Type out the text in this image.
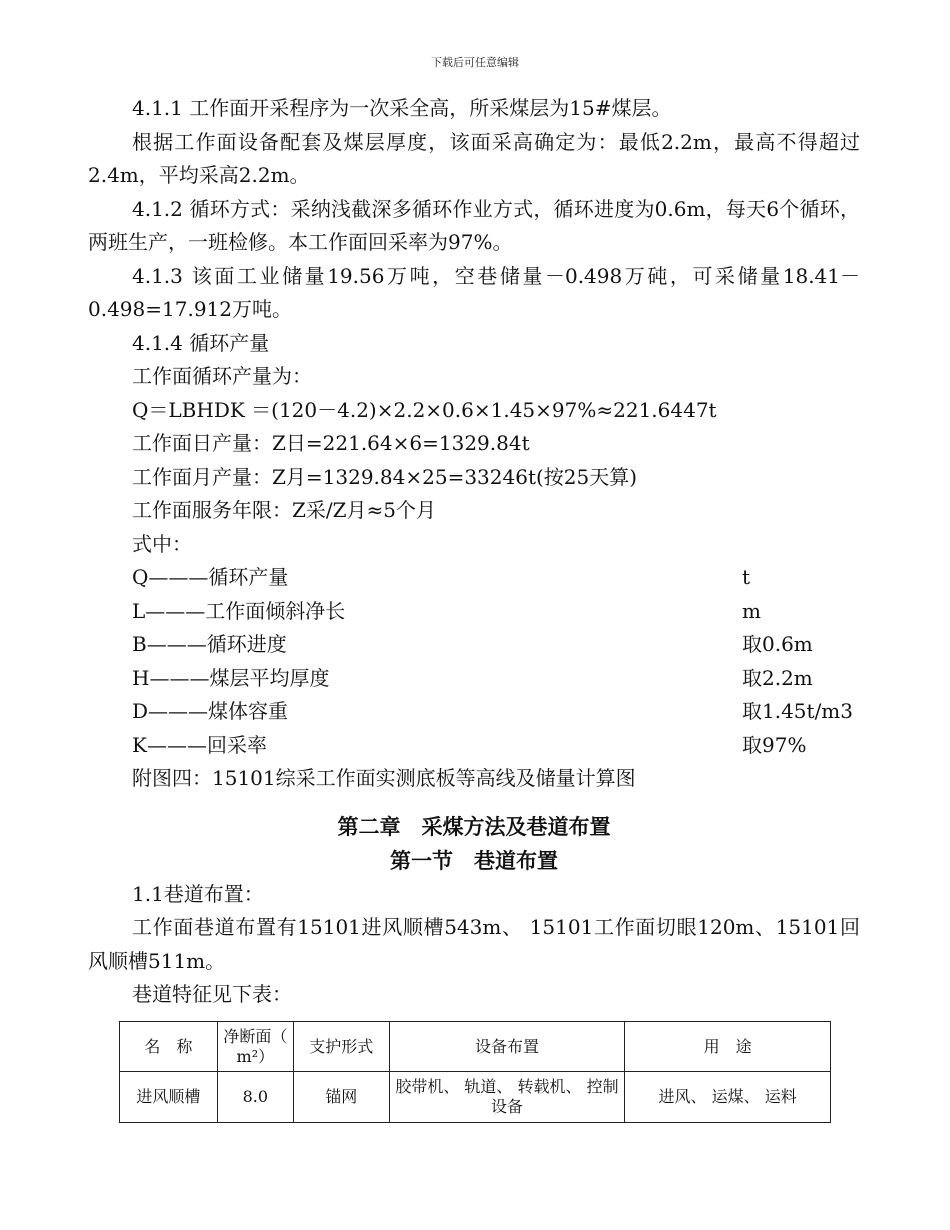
下载后可任意编辑

4.1.1 工作面开采程序为一次采全高，所采煤层为15#煤层。

根据工作面设备配套及煤层厚度，该面采高确定为：最低2.2m，最高不得超过2.4m，平均采高2.2m。

4.1.2 循环方式：采纳浅截深多循环作业方式，循环进度为0.6m，每天6个循环，两班生产，一班检修。本工作面回采率为97%。

4.1.3 该面工业储量19.56万吨，空巷储量－0.498万砘，可采储量18.41－0.498=17.912万吨。

4.1.4 循环产量

工作面循环产量为：

Q＝LBHDK ＝(120－4.2)×2.2×0.6×1.45×97%≈221.6447t

工作面日产量：Z日=221.64×6=1329.84t

工作面月产量：Z月=1329.84×25=33246t(按25天算)

工作面服务年限：Z采/Z月≈5个月

式中：

Q———循环产量	t
L———工作面倾斜净长	m
B———循环进度	取0.6m
H———煤层平均厚度	取2.2m
D———煤体容重	取1.45t/m3
K———回采率	取97%

附图四：15101综采工作面实测底板等高线及储量计算图

第二章　采煤方法及巷道布置
第一节　巷道布置

1.1巷道布置：

工作面巷道布置有15101进风顺槽543m、 15101工作面切眼120m、15101回风顺槽511m。

巷道特征见下表：

名　称	净断面（ m²）	支护形式	设备布置	用　途
进风顺槽	8.0	锚网	胶带机、 轨道、 转载机、 控制设备	进风、 运煤、 运料
